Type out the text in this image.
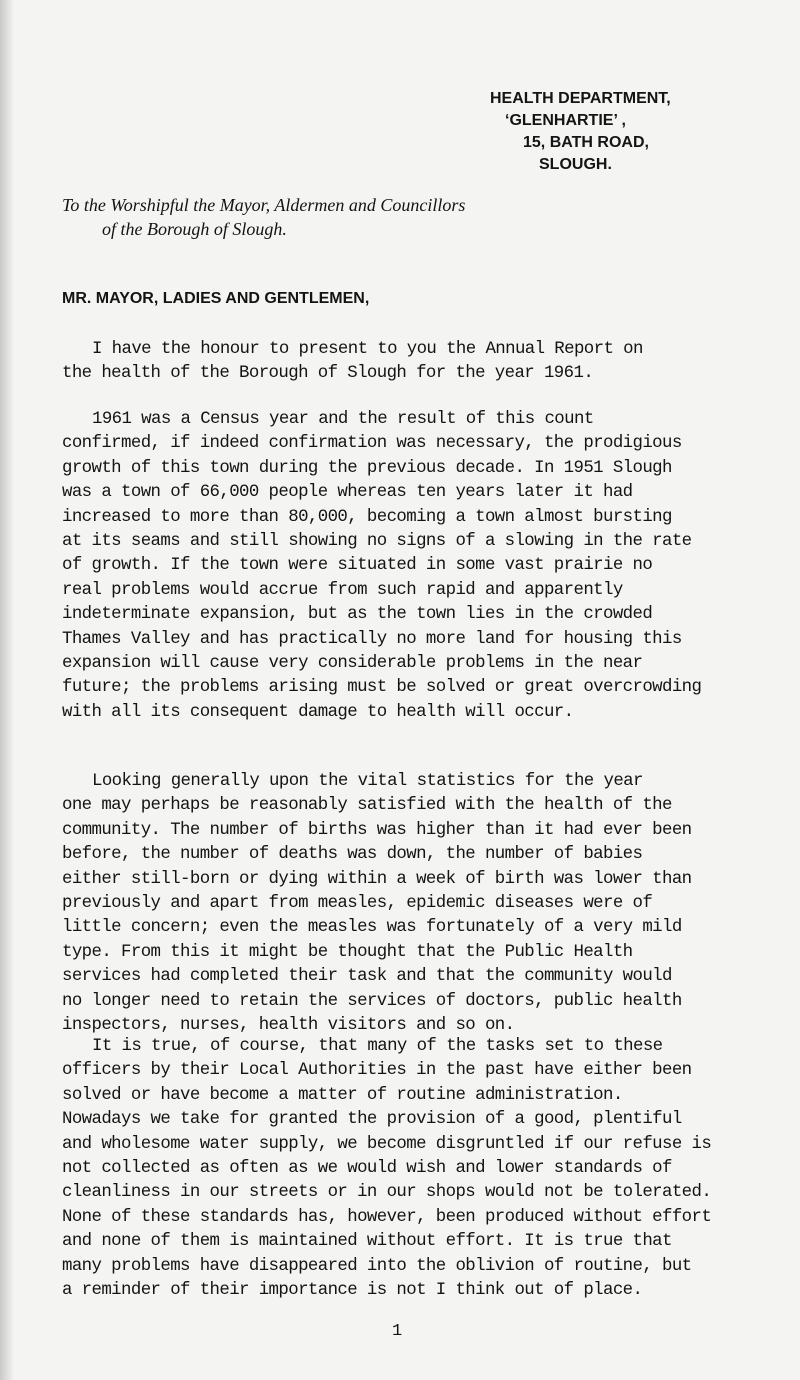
HEALTH DEPARTMENT,
‘GLENHARTIE’ ,
15, BATH ROAD,
SLOUGH.
To the Worshipful the Mayor, Aldermen and Councillors
of the Borough of Slough.
MR. MAYOR, LADIES AND GENTLEMEN,
I have the honour to present to you the Annual Report on
the health of the Borough of Slough for the year 1961.
1961 was a Census year and the result of this count
confirmed, if indeed confirmation was necessary, the prodigious
growth of this town during the previous decade. In 1951 Slough
was a town of 66,000 people whereas ten years later it had
increased to more than 80,000, becoming a town almost bursting
at its seams and still showing no signs of a slowing in the rate
of growth. If the town were situated in some vast prairie no
real problems would accrue from such rapid and apparently
indeterminate expansion, but as the town lies in the crowded
Thames Valley and has practically no more land for housing this
expansion will cause very considerable problems in the near
future; the problems arising must be solved or great overcrowding
with all its consequent damage to health will occur.
Looking generally upon the vital statistics for the year
one may perhaps be reasonably satisfied with the health of the
community. The number of births was higher than it had ever been
before, the number of deaths was down, the number of babies
either still-born or dying within a week of birth was lower than
previously and apart from measles, epidemic diseases were of
little concern; even the measles was fortunately of a very mild
type. From this it might be thought that the Public Health
services had completed their task and that the community would
no longer need to retain the services of doctors, public health
inspectors, nurses, health visitors and so on.
It is true, of course, that many of the tasks set to these
officers by their Local Authorities in the past have either been
solved or have become a matter of routine administration.
Nowadays we take for granted the provision of a good, plentiful
and wholesome water supply, we become disgruntled if our refuse is
not collected as often as we would wish and lower standards of
cleanliness in our streets or in our shops would not be tolerated.
None of these standards has, however, been produced without effort
and none of them is maintained without effort. It is true that
many problems have disappeared into the oblivion of routine, but
a reminder of their importance is not I think out of place.
1
